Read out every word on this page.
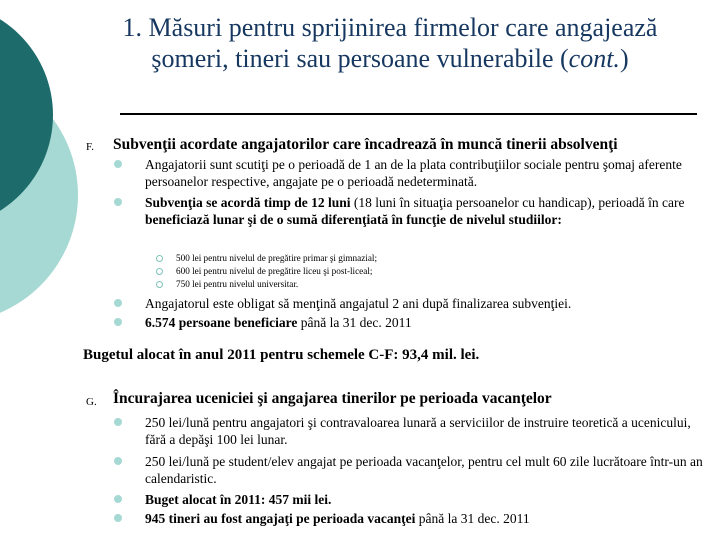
1. Măsuri pentru sprijinirea firmelor care angajează
şomeri, tineri sau persoane vulnerabile (cont.)
F. Subvenţii acordate angajatorilor care încadrează în muncă tinerii absolvenţi
Angajatorii sunt scutiţi pe o perioadă de 1 an de la plata contribuţiilor sociale pentru şomaj aferente persoanelor respective, angajate pe o perioadă nedeterminată.
Subvenţia se acordă timp de 12 luni (18 luni în situaţia persoanelor cu handicap), perioadă în care beneficiază lunar şi de o sumă diferenţiată în funcţie de nivelul studiilor:
500 lei pentru nivelul de pregătire primar şi gimnazial;
600 lei pentru nivelul de pregătire liceu şi post-liceal;
750 lei pentru nivelul universitar.
Angajatorul este obligat să menţină angajatul 2 ani după finalizarea subvenţiei.
6.574 persoane beneficiare până la 31 dec. 2011
Bugetul alocat în anul 2011 pentru schemele C-F: 93,4 mil. lei.
G. Încurajarea uceniciei şi angajarea tinerilor pe perioada vacanţelor
250 lei/lună pentru angajatori şi contravaloarea lunară a serviciilor de instruire teoretică a ucenicului, fără a depăşi 100 lei lunar.
250 lei/lună pe student/elev angajat pe perioada vacanţelor, pentru cel mult 60 zile lucrătoare într-un an calendaristic.
Buget alocat în 2011: 457 mii lei.
945 tineri au fost angajaţi pe perioada vacanţei până la 31 dec. 2011
